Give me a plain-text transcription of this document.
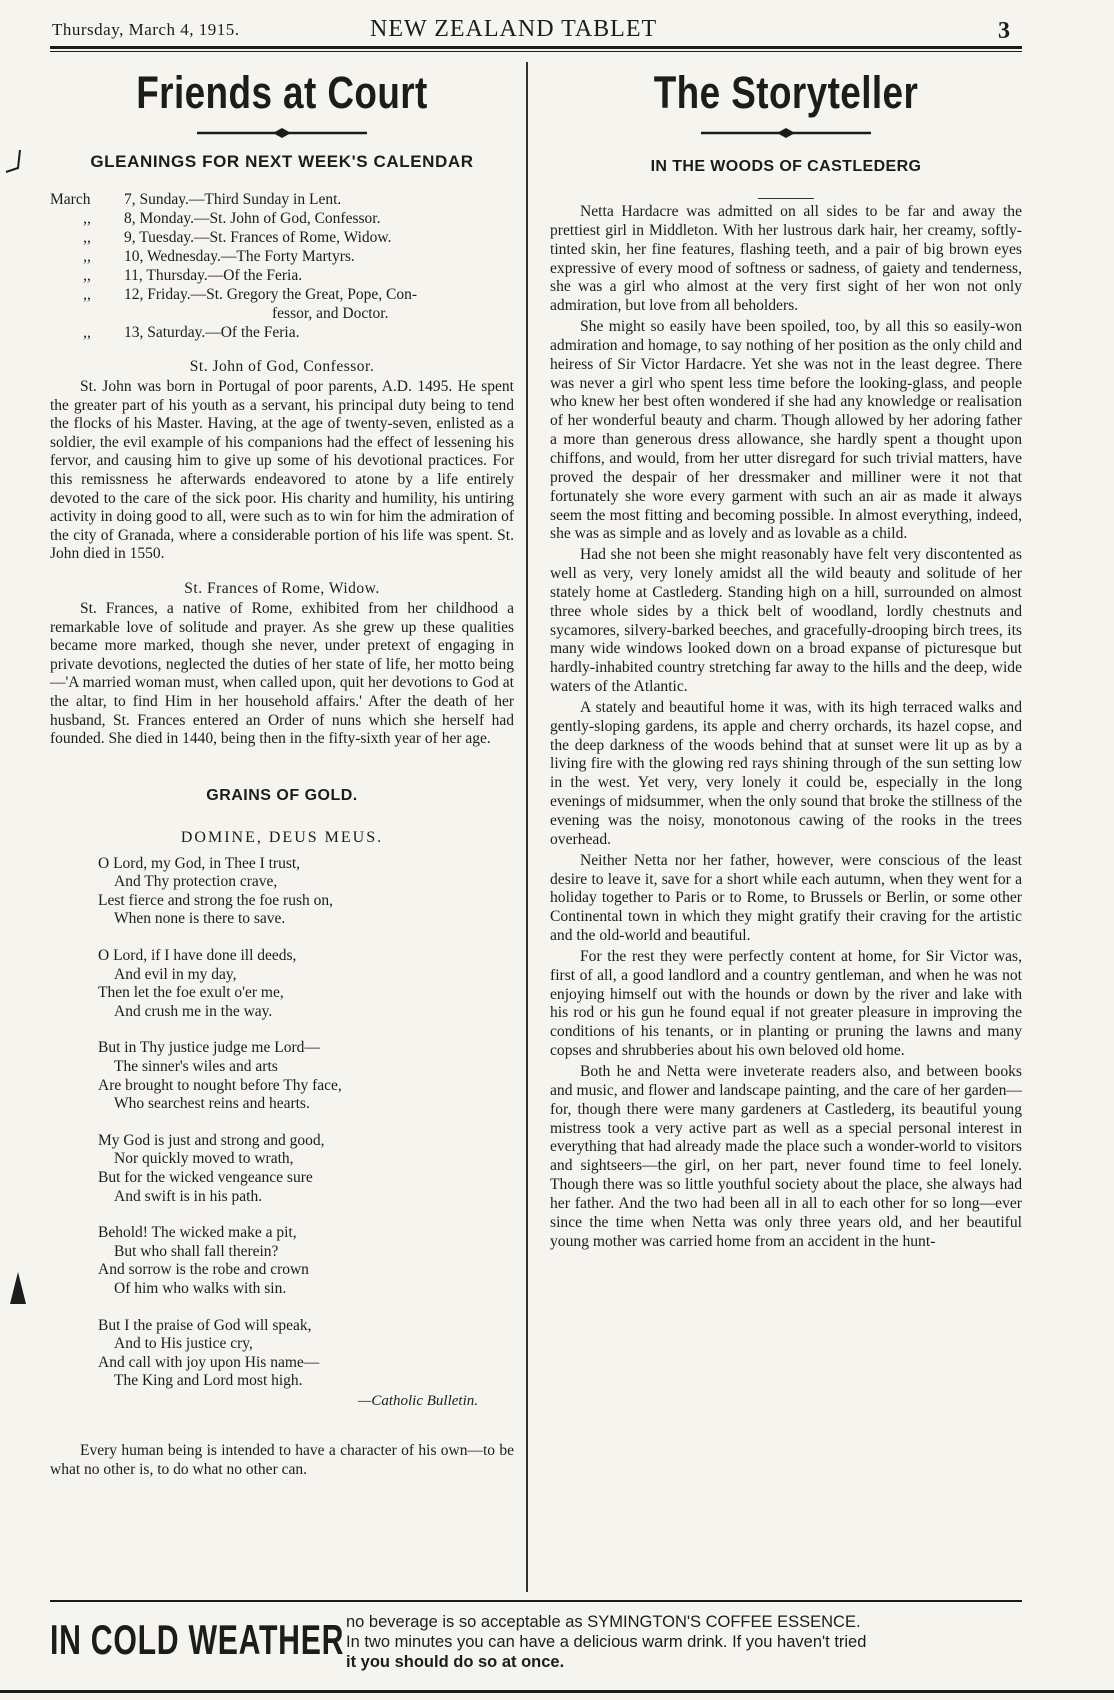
Thursday, March 4, 1915.	NEW ZEALAND TABLET	3
Friends at Court
GLEANINGS FOR NEXT WEEK'S CALENDAR
March	7, Sunday.—Third Sunday in Lent.
,,	8, Monday.—St. John of God, Confessor.
,,	9, Tuesday.—St. Frances of Rome, Widow.
,,	10, Wednesday.—The Forty Martyrs.
,,	11, Thursday.—Of the Feria.
,,	12, Friday.—St. Gregory the Great, Pope, Con-
fessor, and Doctor.
,,	13, Saturday.—Of the Feria.
St. John of God, Confessor.

St. John was born in Portugal of poor parents, A.D. 1495. He spent the greater part of his youth as a servant, his principal duty being to tend the flocks of his Master. Having, at the age of twenty-seven, enlisted as a soldier, the evil example of his companions had the effect of lessening his fervor, and causing him to give up some of his devotional practices. For this remissness he afterwards endeavored to atone by a life entirely devoted to the care of the sick poor. His charity and humility, his untiring activity in doing good to all, were such as to win for him the admiration of the city of Granada, where a considerable portion of his life was spent. St. John died in 1550.

St. Frances of Rome, Widow.

St. Frances, a native of Rome, exhibited from her childhood a remarkable love of solitude and prayer. As she grew up these qualities became more marked, though she never, under pretext of engaging in private devotions, neglected the duties of her state of life, her motto being—'A married woman must, when called upon, quit her devotions to God at the altar, to find Him in her household affairs.' After the death of her husband, St. Frances entered an Order of nuns which she herself had founded. She died in 1440, being then in the fifty-sixth year of her age.

GRAINS OF GOLD.
DOMINE, DEUS MEUS.
O Lord, my God, in Thee I trust,
And Thy protection crave,
Lest fierce and strong the foe rush on,
When none is there to save.
O Lord, if I have done ill deeds,
And evil in my day,
Then let the foe exult o'er me,
And crush me in the way.
But in Thy justice judge me Lord—
The sinner's wiles and arts
Are brought to nought before Thy face,
Who searchest reins and hearts.
My God is just and strong and good,
Nor quickly moved to wrath,
But for the wicked vengeance sure
And swift is in his path.
Behold! The wicked make a pit,
But who shall fall therein?
And sorrow is the robe and crown
Of him who walks with sin.
But I the praise of God will speak,
And to His justice cry,
And call with joy upon His name—
The King and Lord most high.
—Catholic Bulletin.

Every human being is intended to have a character of his own—to be what no other is, to do what no other can.

The Storyteller
IN THE WOODS OF CASTLEDERG

Netta Hardacre was admitted on all sides to be far and away the prettiest girl in Middleton. With her lustrous dark hair, her creamy, softly-tinted skin, her fine features, flashing teeth, and a pair of big brown eyes expressive of every mood of softness or sadness, of gaiety and tenderness, she was a girl who almost at the very first sight of her won not only admiration, but love from all beholders.

She might so easily have been spoiled, too, by all this so easily-won admiration and homage, to say nothing of her position as the only child and heiress of Sir Victor Hardacre. Yet she was not in the least degree. There was never a girl who spent less time before the looking-glass, and people who knew her best often wondered if she had any knowledge or realisation of her wonderful beauty and charm. Though allowed by her adoring father a more than generous dress allowance, she hardly spent a thought upon chiffons, and would, from her utter disregard for such trivial matters, have proved the despair of her dressmaker and milliner were it not that fortunately she wore every garment with such an air as made it always seem the most fitting and becoming possible. In almost everything, indeed, she was as simple and as lovely and as lovable as a child.

Had she not been she might reasonably have felt very discontented as well as very, very lonely amidst all the wild beauty and solitude of her stately home at Castlederg. Standing high on a hill, surrounded on almost three whole sides by a thick belt of woodland, lordly chestnuts and sycamores, silvery-barked beeches, and gracefully-drooping birch trees, its many wide windows looked down on a broad expanse of picturesque but hardly-inhabited country stretching far away to the hills and the deep, wide waters of the Atlantic.

A stately and beautiful home it was, with its high terraced walks and gently-sloping gardens, its apple and cherry orchards, its hazel copse, and the deep darkness of the woods behind that at sunset were lit up as by a living fire with the glowing red rays shining through of the sun setting low in the west. Yet very, very lonely it could be, especially in the long evenings of midsummer, when the only sound that broke the stillness of the evening was the noisy, monotonous cawing of the rooks in the trees overhead.

Neither Netta nor her father, however, were conscious of the least desire to leave it, save for a short while each autumn, when they went for a holiday together to Paris or to Rome, to Brussels or Berlin, or some other Continental town in which they might gratify their craving for the artistic and the old-world and beautiful.

For the rest they were perfectly content at home, for Sir Victor was, first of all, a good landlord and a country gentleman, and when he was not enjoying himself out with the hounds or down by the river and lake with his rod or his gun he found equal if not greater pleasure in improving the conditions of his tenants, or in planting or pruning the lawns and many copses and shrubberies about his own beloved old home.

Both he and Netta were inveterate readers also, and between books and music, and flower and landscape painting, and the care of her garden—for, though there were many gardeners at Castlederg, its beautiful young mistress took a very active part as well as a special personal interest in everything that had already made the place such a wonder-world to visitors and sightseers—the girl, on her part, never found time to feel lonely. Though there was so little youthful society about the place, she always had her father. And the two had been all in all to each other for so long—ever since the time when Netta was only three years old, and her beautiful young mother was carried home from an accident in the hunt-

IN COLD WEATHER no beverage is so acceptable as SYMINGTON'S COFFEE ESSENCE.
In two minutes you can have a delicious warm drink. If you haven't tried
it you should do so at once.
